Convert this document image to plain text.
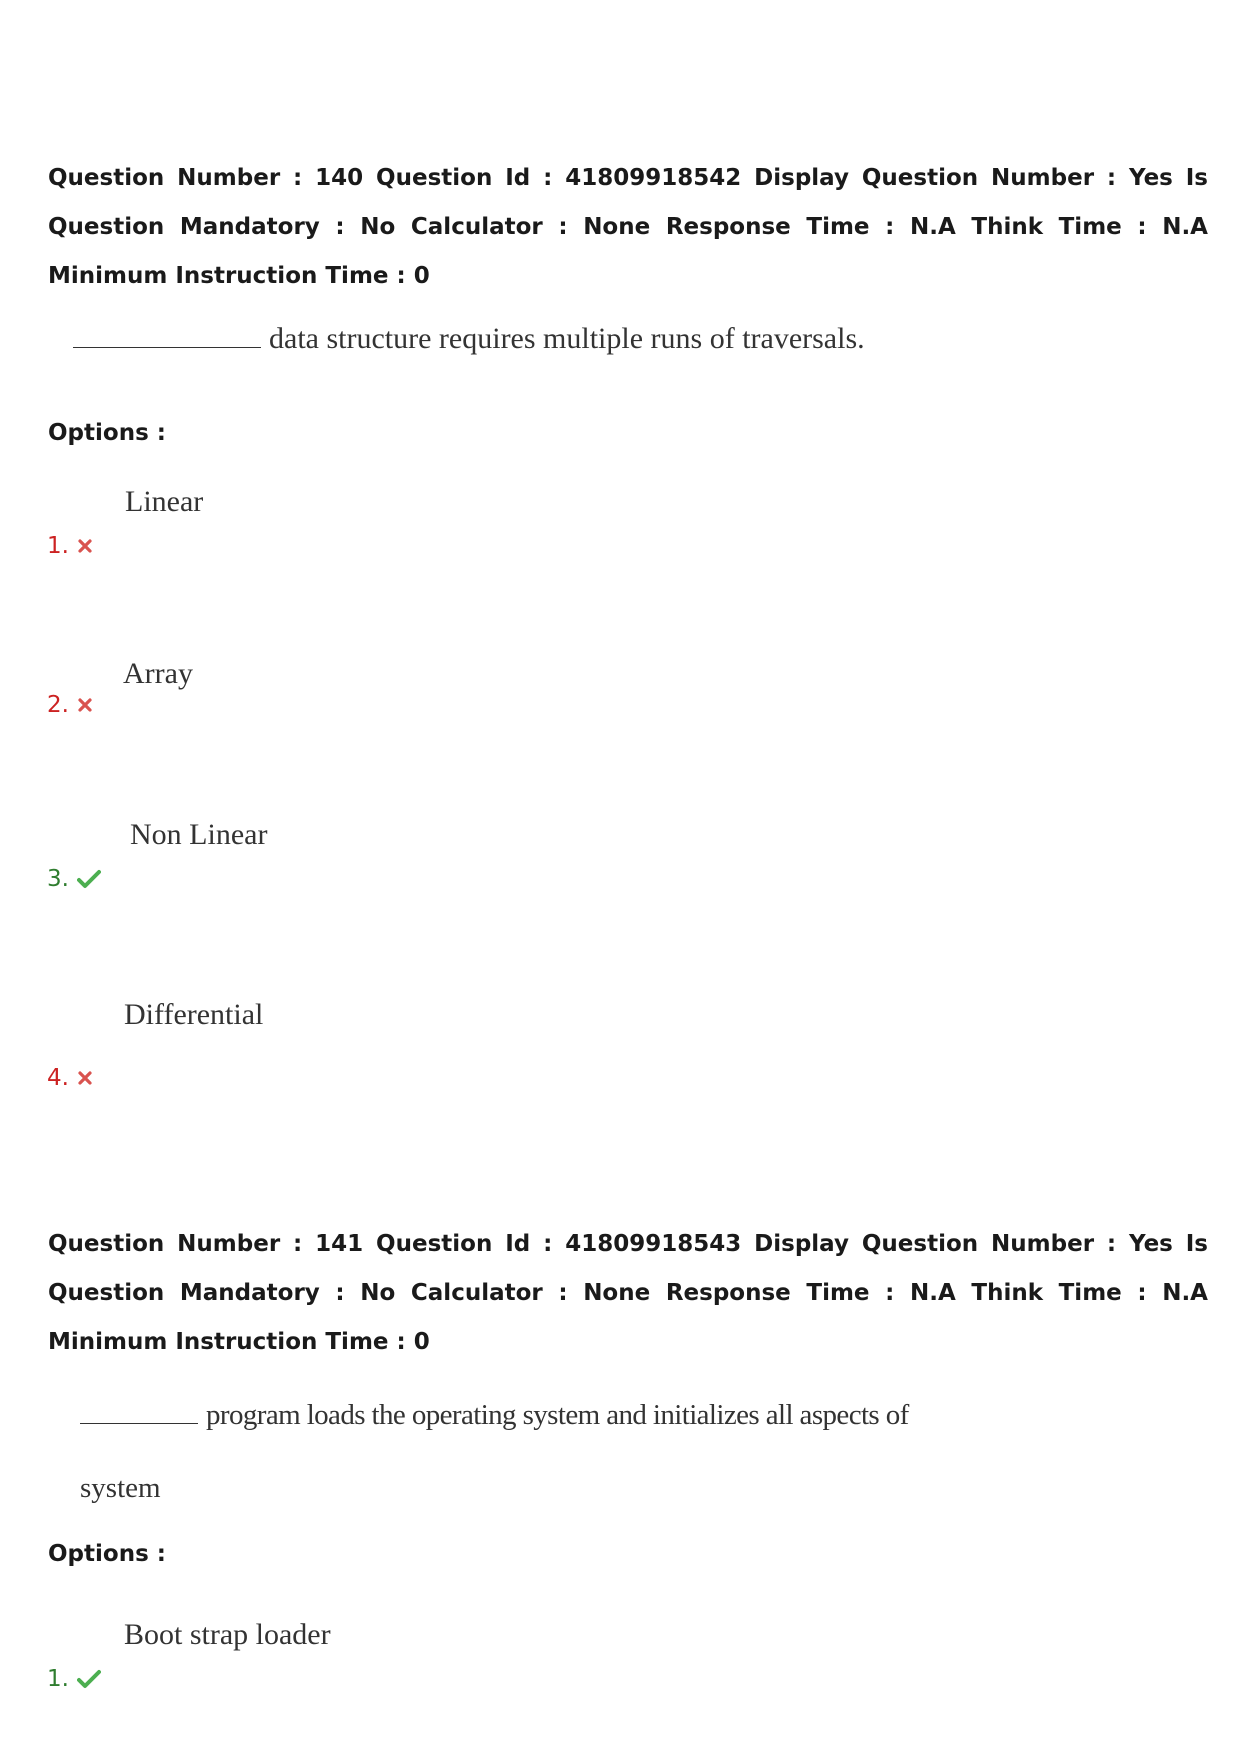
Question Number : 140 Question Id : 41809918542 Display Question Number : Yes Is Question Mandatory : No Calculator : None Response Time : N.A Think Time : N.A Minimum Instruction Time : 0
data structure requires multiple runs of traversals.
Options :
Linear
1.
Array
2.
Non Linear
3.
Differential
4.
Question Number : 141 Question Id : 41809918543 Display Question Number : Yes Is Question Mandatory : No Calculator : None Response Time : N.A Think Time : N.A Minimum Instruction Time : 0
program loads the operating system and initializes all aspects of
system
Options :
Boot strap loader
1.
